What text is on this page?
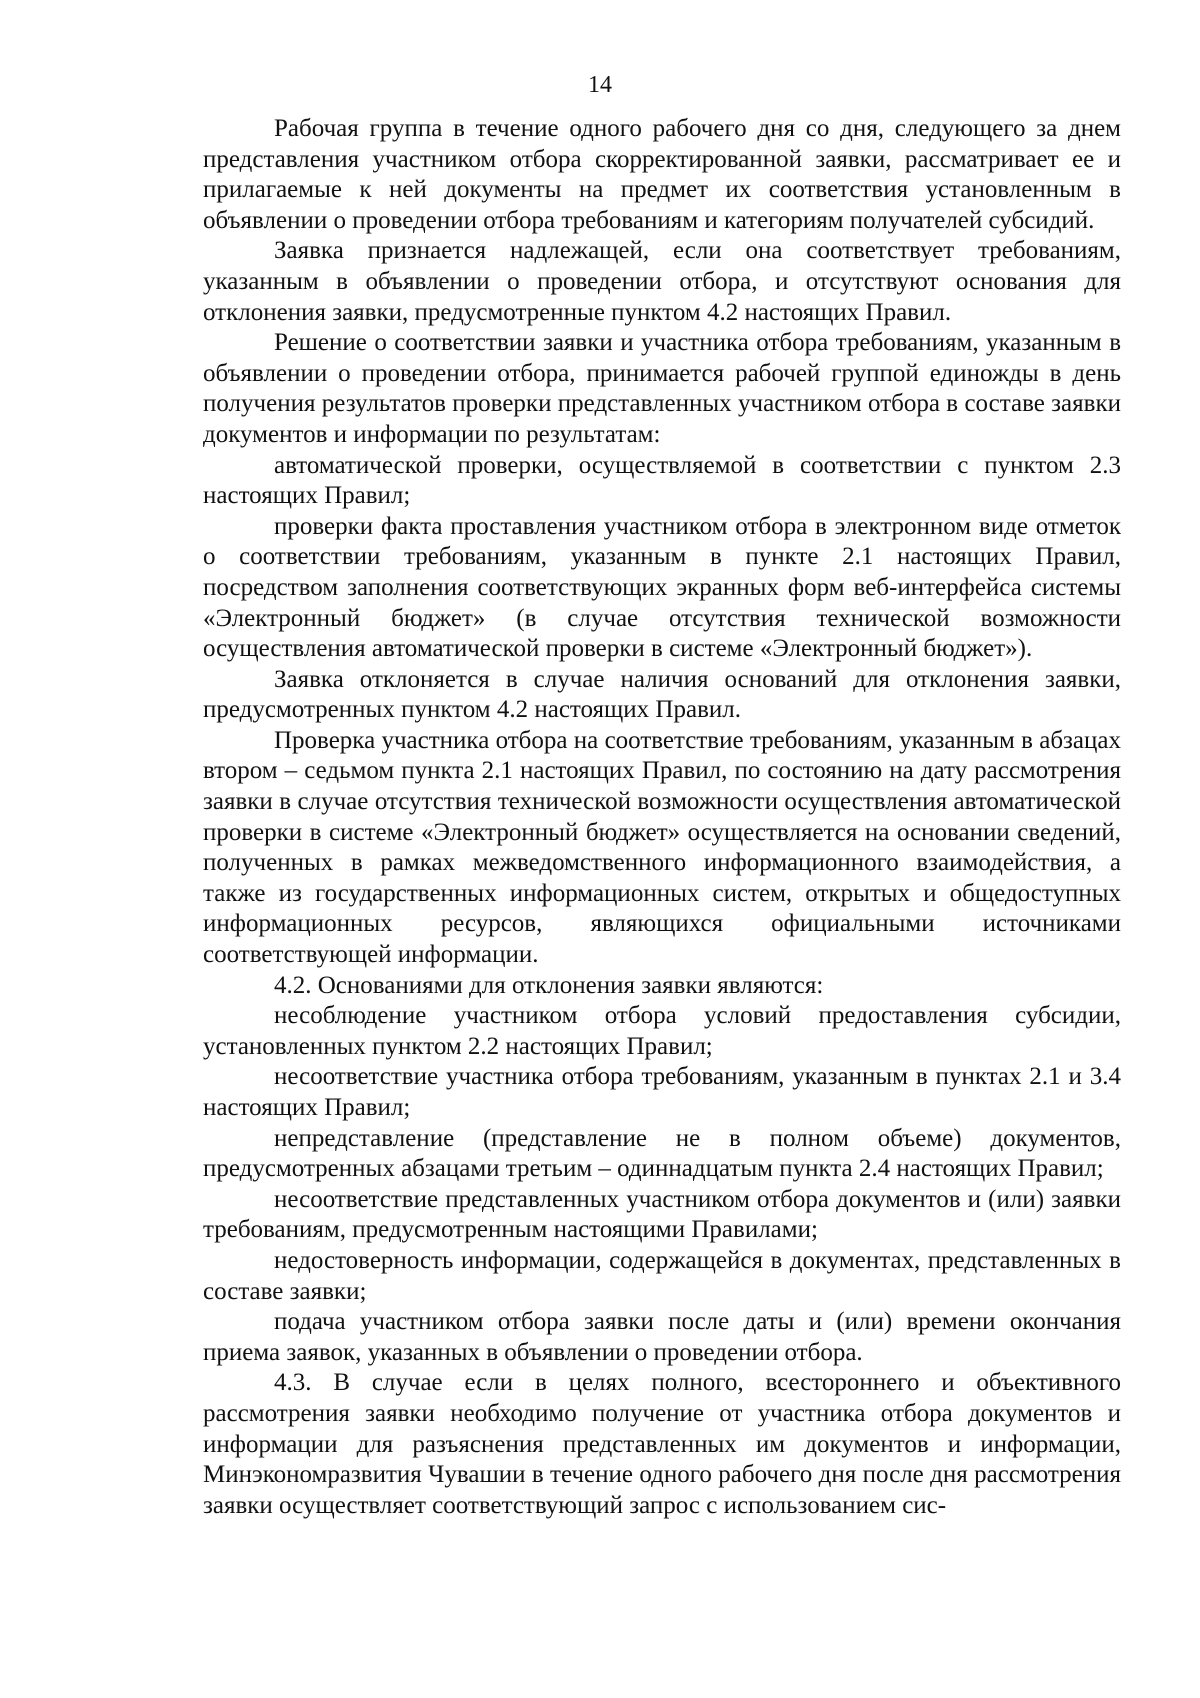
14

Рабочая группа в течение одного рабочего дня со дня, следующего за днем представления участником отбора скорректированной заявки, рассматривает ее и прилагаемые к ней документы на предмет их соответствия установленным в объявлении о проведении отбора требованиям и категориям получателей субсидий.

Заявка признается надлежащей, если она соответствует требованиям, указанным в объявлении о проведении отбора, и отсутствуют основания для отклонения заявки, предусмотренные пунктом 4.2 настоящих Правил.

Решение о соответствии заявки и участника отбора требованиям, указанным в объявлении о проведении отбора, принимается рабочей группой единожды в день получения результатов проверки представленных участником отбора в составе заявки документов и информации по результатам:

автоматической проверки, осуществляемой в соответствии с пунктом 2.3 настоящих Правил;

проверки факта проставления участником отбора в электронном виде отметок о соответствии требованиям, указанным в пункте 2.1 настоящих Правил, посредством заполнения соответствующих экранных форм веб-интерфейса системы «Электронный бюджет» (в случае отсутствия технической возможности осуществления автоматической проверки в системе «Электронный бюджет»).

Заявка отклоняется в случае наличия оснований для отклонения заявки, предусмотренных пунктом 4.2 настоящих Правил.

Проверка участника отбора на соответствие требованиям, указанным в абзацах втором – седьмом пункта 2.1 настоящих Правил, по состоянию на дату рассмотрения заявки в случае отсутствия технической возможности осуществления автоматической проверки в системе «Электронный бюджет» осуществляется на основании сведений, полученных в рамках межведомственного информационного взаимодействия, а также из государственных информационных систем, открытых и общедоступных информационных ресурсов, являющихся официальными источниками соответствующей информации.

4.2. Основаниями для отклонения заявки являются:

несоблюдение участником отбора условий предоставления субсидии, установленных пунктом 2.2 настоящих Правил;

несоответствие участника отбора требованиям, указанным в пунктах 2.1 и 3.4 настоящих Правил;

непредставление (представление не в полном объеме) документов, предусмотренных абзацами третьим – одиннадцатым пункта 2.4 настоящих Правил;

несоответствие представленных участником отбора документов и (или) заявки требованиям, предусмотренным настоящими Правилами;

недостоверность информации, содержащейся в документах, представленных в составе заявки;

подача участником отбора заявки после даты и (или) времени окончания приема заявок, указанных в объявлении о проведении отбора.

4.3. В случае если в целях полного, всестороннего и объективного рассмотрения заявки необходимо получение от участника отбора документов и информации для разъяснения представленных им документов и информации, Минэкономразвития Чувашии в течение одного рабочего дня после дня рассмотрения заявки осуществляет соответствующий запрос с использованием сис-
